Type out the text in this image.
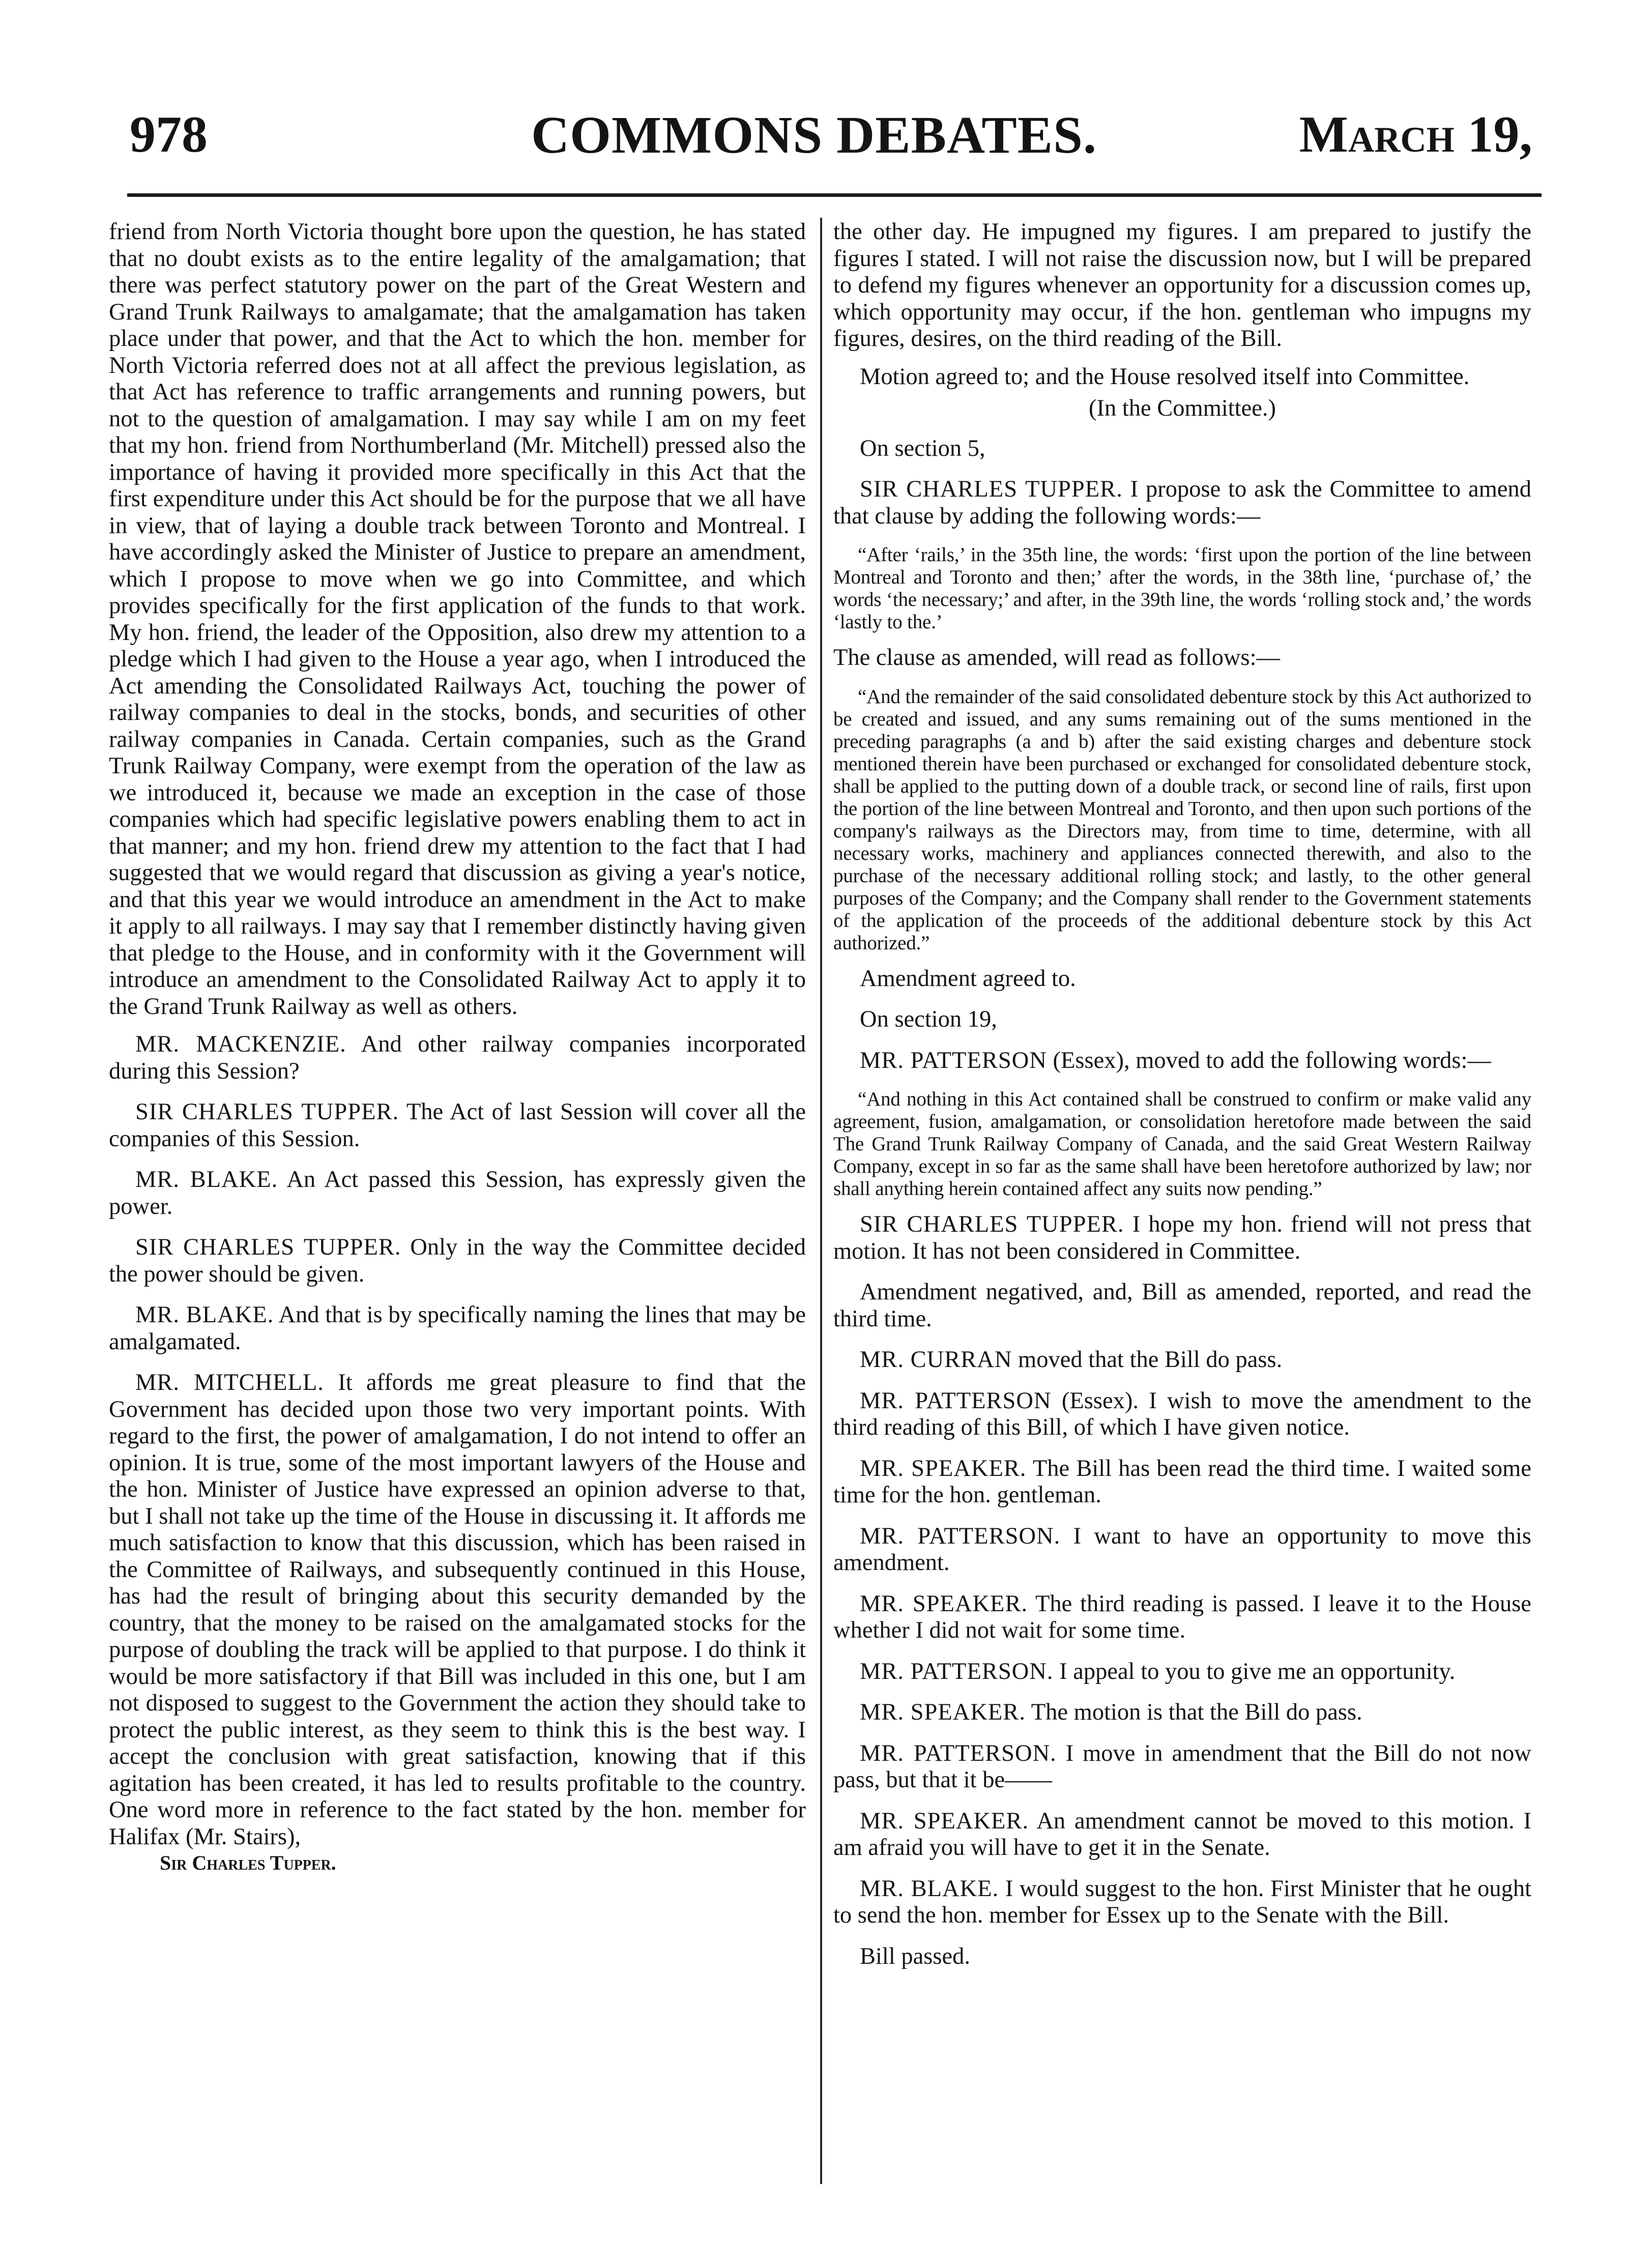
978	COMMONS DEBATES.	March 19,

friend from North Victoria thought bore upon the question, he has stated that no doubt exists as to the entire legality of the amalgamation; that there was perfect statutory power on the part of the Great Western and Grand Trunk Railways to amalgamate; that the amalgamation has taken place under that power, and that the Act to which the hon. member for North Victoria referred does not at all affect the previous legislation, as that Act has reference to traffic arrangements and running powers, but not to the question of amalgamation. I may say while I am on my feet that my hon. friend from Northumberland (Mr. Mitchell) pressed also the importance of having it provided more specifically in this Act that the first expenditure under this Act should be for the purpose that we all have in view, that of laying a double track between Toronto and Montreal. I have accordingly asked the Minister of Justice to prepare an amendment, which I propose to move when we go into Committee, and which provides specifically for the first application of the funds to that work. My hon. friend, the leader of the Opposition, also drew my attention to a pledge which I had given to the House a year ago, when I introduced the Act amending the Consolidated Railways Act, touching the power of railway companies to deal in the stocks, bonds, and securities of other railway companies in Canada. Certain companies, such as the Grand Trunk Railway Company, were exempt from the operation of the law as we introduced it, because we made an exception in the case of those companies which had specific legislative powers enabling them to act in that manner; and my hon. friend drew my attention to the fact that I had suggested that we would regard that discussion as giving a year's notice, and that this year we would introduce an amendment in the Act to make it apply to all railways. I may say that I remember distinctly having given that pledge to the House, and in conformity with it the Government will introduce an amendment to the Consolidated Railway Act to apply it to the Grand Trunk Railway as well as others.

MR. MACKENZIE. And other railway companies incorporated during this Session?

SIR CHARLES TUPPER. The Act of last Session will cover all the companies of this Session.

MR. BLAKE. An Act passed this Session, has expressly given the power.

SIR CHARLES TUPPER. Only in the way the Committee decided the power should be given.

MR. BLAKE. And that is by specifically naming the lines that may be amalgamated.

MR. MITCHELL. It affords me great pleasure to find that the Government has decided upon those two very important points. With regard to the first, the power of amalgamation, I do not intend to offer an opinion. It is true, some of the most important lawyers of the House and the hon. Minister of Justice have expressed an opinion adverse to that, but I shall not take up the time of the House in discussing it. It affords me much satisfaction to know that this discussion, which has been raised in the Committee of Railways, and subsequently continued in this House, has had the result of bringing about this security demanded by the country, that the money to be raised on the amalgamated stocks for the purpose of doubling the track will be applied to that purpose. I do think it would be more satisfactory if that Bill was included in this one, but I am not disposed to suggest to the Government the action they should take to protect the public interest, as they seem to think this is the best way. I accept the conclusion with great satisfaction, knowing that if this agitation has been created, it has led to results profitable to the country. One word more in reference to the fact stated by the hon. member for Halifax (Mr. Stairs),

Sir Charles Tupper.

the other day. He impugned my figures. I am prepared to justify the figures I stated. I will not raise the discussion now, but I will be prepared to defend my figures whenever an opportunity for a discussion comes up, which opportunity may occur, if the hon. gentleman who impugns my figures, desires, on the third reading of the Bill.

Motion agreed to; and the House resolved itself into Committee.

(In the Committee.)

On section 5,

SIR CHARLES TUPPER. I propose to ask the Committee to amend that clause by adding the following words:—

“After ‘rails,’ in the 35th line, the words: ‘first upon the portion of the line between Montreal and Toronto and then;’ after the words, in the 38th line, ‘purchase of,’ the words ‘the necessary;’ and after, in the 39th line, the words ‘rolling stock and,’ the words ‘lastly to the.’

The clause as amended, will read as follows:—

“And the remainder of the said consolidated debenture stock by this Act authorized to be created and issued, and any sums remaining out of the sums mentioned in the preceding paragraphs (a and b) after the said existing charges and debenture stock mentioned therein have been purchased or exchanged for consolidated debenture stock, shall be applied to the putting down of a double track, or second line of rails, first upon the portion of the line between Montreal and Toronto, and then upon such portions of the company's railways as the Directors may, from time to time, determine, with all necessary works, machinery and appliances connected therewith, and also to the purchase of the necessary additional rolling stock; and lastly, to the other general purposes of the Company; and the Company shall render to the Government statements of the application of the proceeds of the additional debenture stock by this Act authorized.”

Amendment agreed to.

On section 19,

MR. PATTERSON (Essex), moved to add the following words:—

“And nothing in this Act contained shall be construed to confirm or make valid any agreement, fusion, amalgamation, or consolidation heretofore made between the said The Grand Trunk Railway Company of Canada, and the said Great Western Railway Company, except in so far as the same shall have been heretofore authorized by law; nor shall anything herein contained affect any suits now pending.”

SIR CHARLES TUPPER. I hope my hon. friend will not press that motion. It has not been considered in Committee.

Amendment negatived, and, Bill as amended, reported, and read the third time.

MR. CURRAN moved that the Bill do pass.

MR. PATTERSON (Essex). I wish to move the amendment to the third reading of this Bill, of which I have given notice.

MR. SPEAKER. The Bill has been read the third time. I waited some time for the hon. gentleman.

MR. PATTERSON. I want to have an opportunity to move this amendment.

MR. SPEAKER. The third reading is passed. I leave it to the House whether I did not wait for some time.

MR. PATTERSON. I appeal to you to give me an opportunity.

MR. SPEAKER. The motion is that the Bill do pass.

MR. PATTERSON. I move in amendment that the Bill do not now pass, but that it be——

MR. SPEAKER. An amendment cannot be moved to this motion. I am afraid you will have to get it in the Senate.

MR. BLAKE. I would suggest to the hon. First Minister that he ought to send the hon. member for Essex up to the Senate with the Bill.

Bill passed.
